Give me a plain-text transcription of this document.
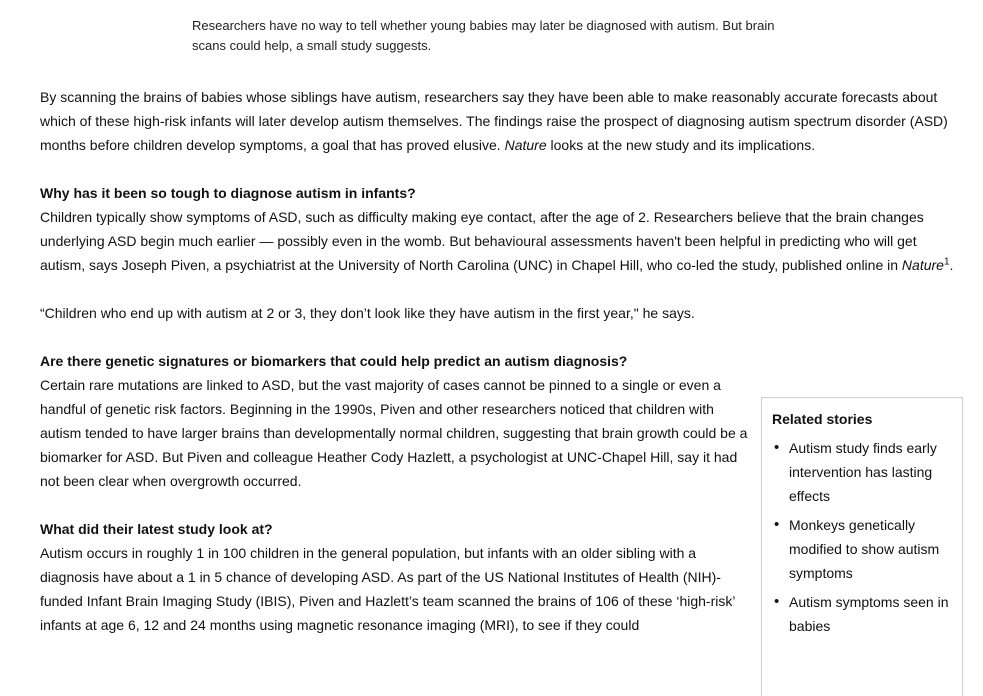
Researchers have no way to tell whether young babies may later be diagnosed with autism. But brain

scans could help, a small study suggests.

By scanning the brains of babies whose siblings have autism, researchers say they have been able to make reasonably accurate forecasts about which of these high-risk infants will later develop autism themselves. The findings raise the prospect of diagnosing autism spectrum disorder (ASD) months before children develop symptoms, a goal that has proved elusive. Nature looks at the new study and its implications.

Why has it been so tough to diagnose autism in infants?

Children typically show symptoms of ASD, such as difficulty making eye contact, after the age of 2. Researchers believe that the brain changes underlying ASD begin much earlier — possibly even in the womb. But behavioural assessments haven't been helpful in predicting who will get autism, says Joseph Piven, a psychiatrist at the University of North Carolina (UNC) in Chapel Hill, who co-led the study, published online in Nature$^1$.

“Children who end up with autism at 2 or 3, they don’t look like they have autism in the first year," he says.

Are there genetic signatures or biomarkers that could help predict an autism diagnosis?

Certain rare mutations are linked to ASD, but the vast majority of cases cannot be pinned to a single or even a handful of genetic risk factors. Beginning in the 1990s, Piven and other researchers noticed that children with autism tended to have larger brains than developmentally normal children, suggesting that brain growth could be a biomarker for ASD. But Piven and colleague Heather Cody Hazlett, a psychologist at UNC-Chapel Hill, say it had not been clear when overgrowth occurred.

What did their latest study look at?

Autism occurs in roughly 1 in 100 children in the general population, but infants with an older sibling with a diagnosis have about a 1 in 5 chance of developing ASD. As part of the US National Institutes of Health (NIH)-funded Infant Brain Imaging Study (IBIS), Piven and Hazlett’s team scanned the brains of 106 of these ‘high-risk’ infants at age 6, 12 and 24 months using magnetic resonance imaging (MRI), to see if they could

Related stories
• Autism study finds early intervention has lasting effects
• Monkeys genetically modified to show autism symptoms
• Autism symptoms seen in babies
